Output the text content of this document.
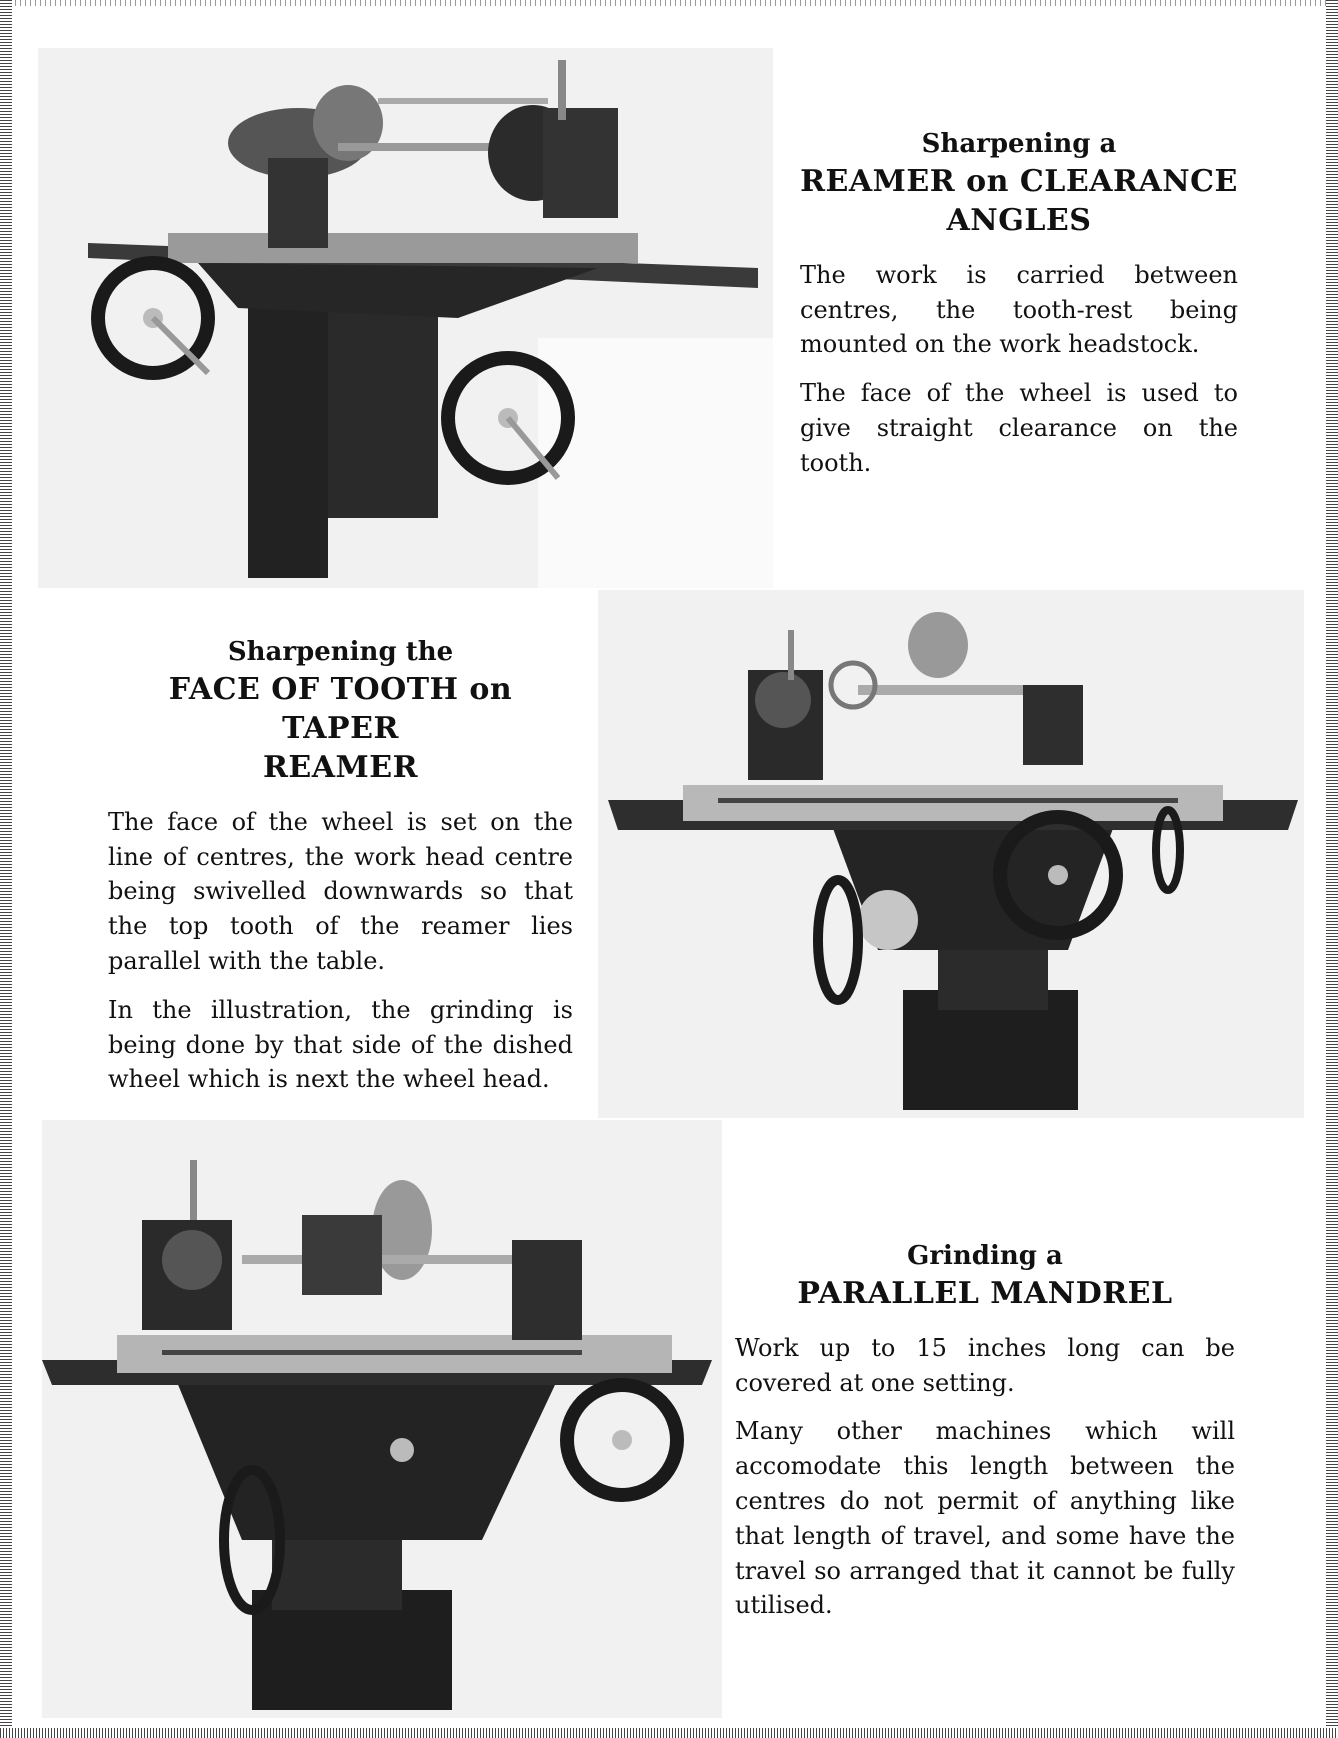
Sharpening a
REAMER on CLEARANCE
ANGLES

The work is carried between centres, the tooth-rest being mounted on the work headstock.

The face of the wheel is used to give straight clearance on the tooth.

Sharpening the
FACE OF TOOTH on TAPER
REAMER

The face of the wheel is set on the line of centres, the work head centre being swivelled downwards so that the top tooth of the reamer lies parallel with the table.

In the illustration, the grinding is being done by that side of the dished wheel which is next the wheel head.

Grinding a
PARALLEL MANDREL

Work up to 15 inches long can be covered at one setting.

Many other machines which will accomodate this length between the centres do not permit of anything like that length of travel, and some have the travel so arranged that it cannot be fully utilised.
